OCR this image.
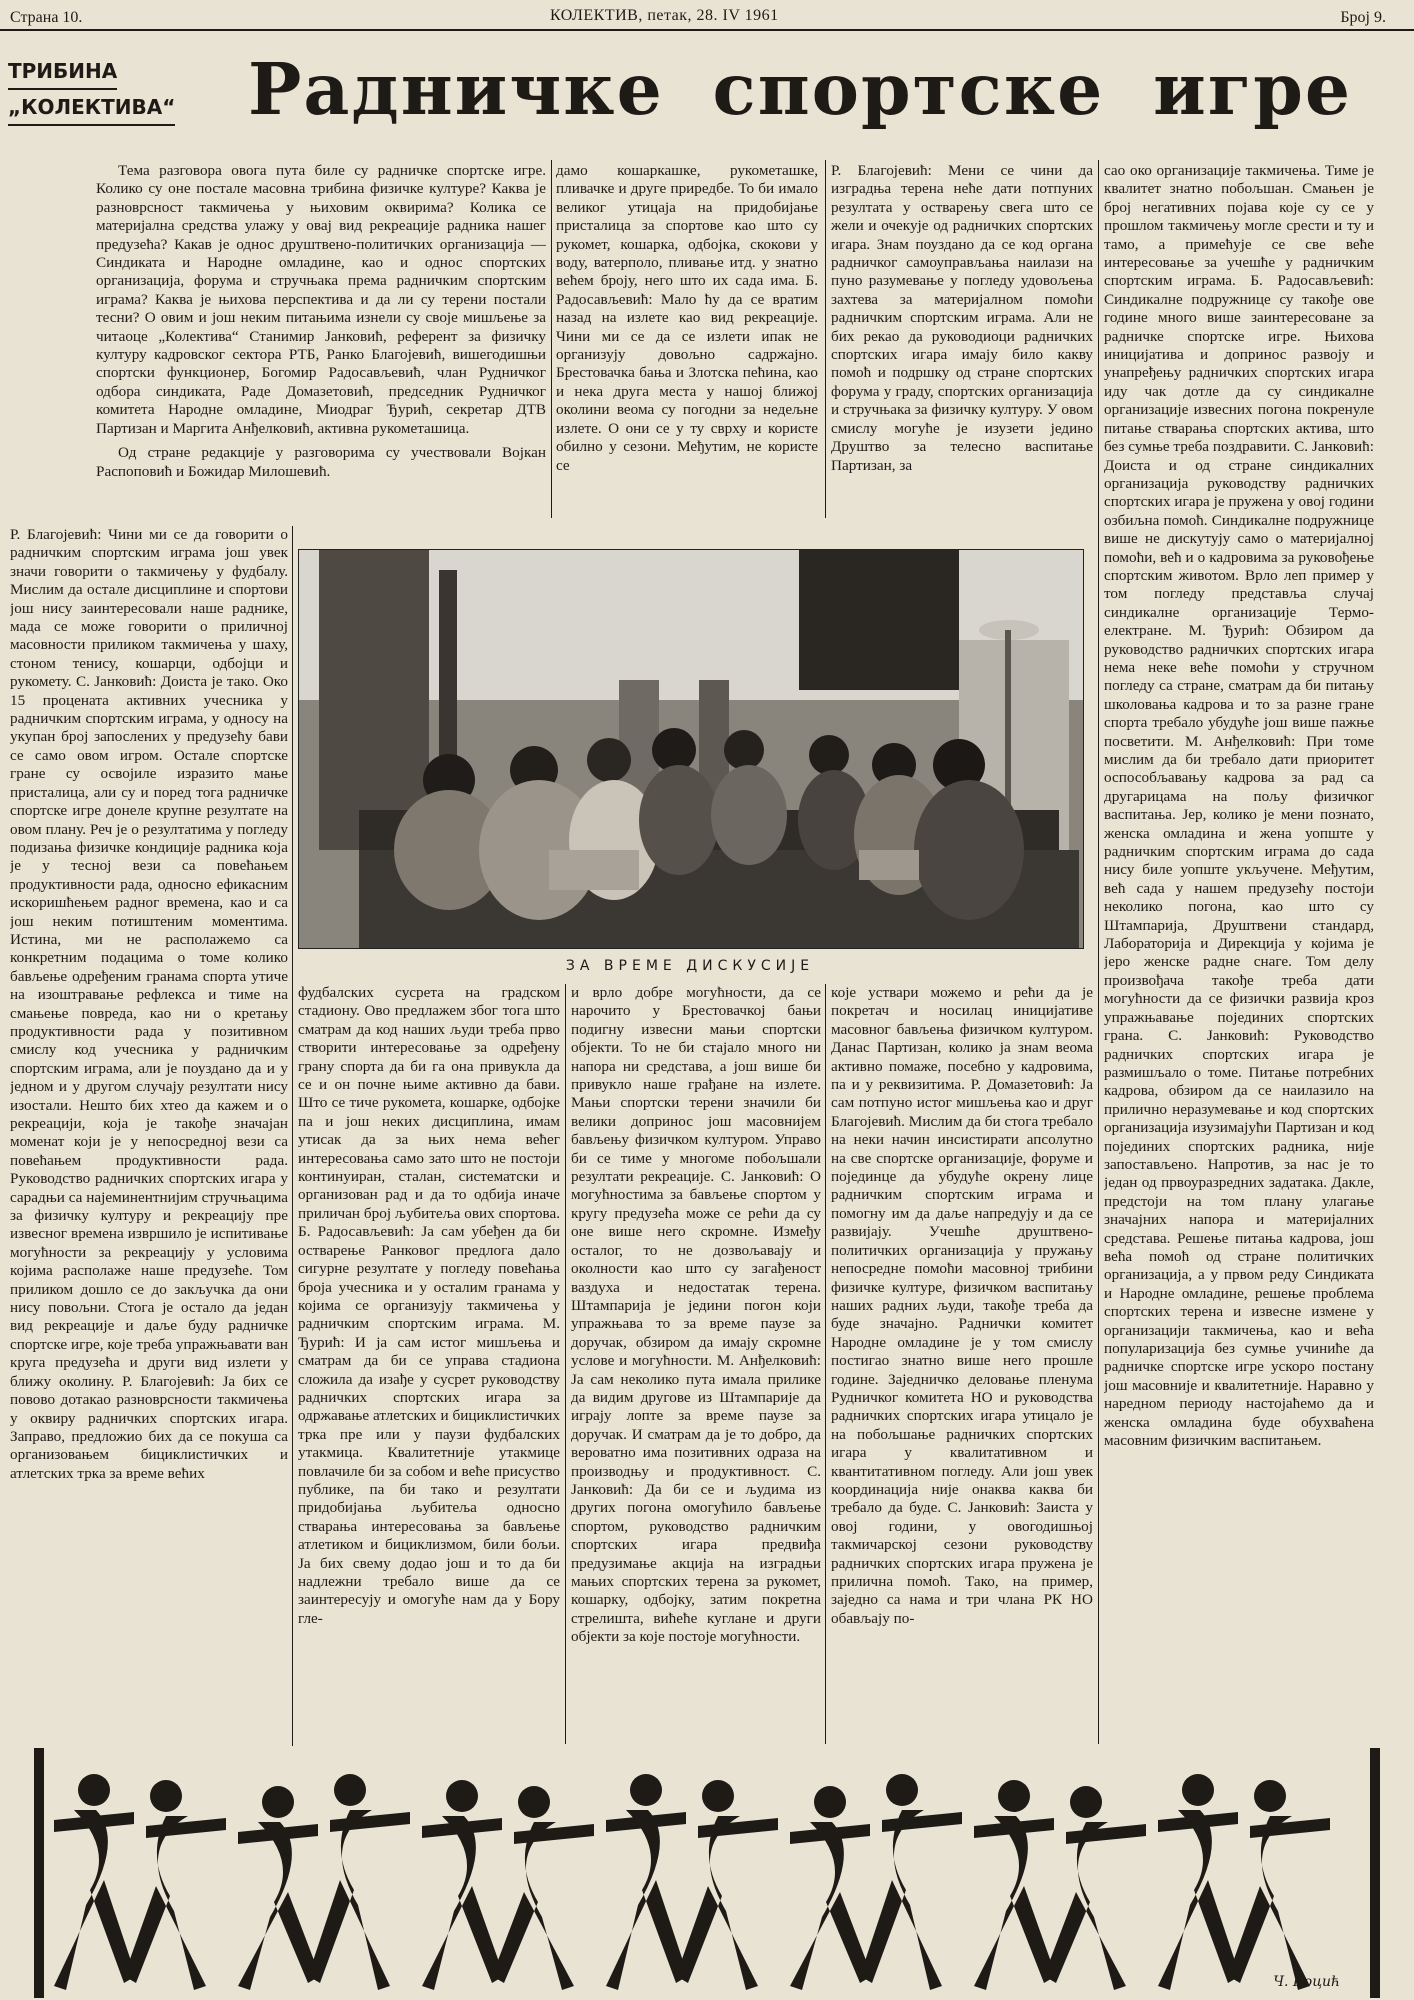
Страна 10.	КОЛЕКТИВ, петак, 28. IV 1961	Број 9.
ТРИБИНА
„КОЛЕКТИВА“ Радничке спортске игре

Тема разговора овога пута биле су радничке спортске игре. Колико су оне постале масовна трибина физичке културе? Каква је разноврсност такмичења у њиховим оквирима? Колика се материјална средства улажу у овај вид рекреације радника нашег предузећа? Какав је однос друштвено-политичких организација — Синдиката и Народне омладине, као и однос спортских организација, форума и стручњака према радничким спортским играма? Каква је њихова перспектива и да ли су терени постали тесни? О овим и још неким питањима изнели су своје мишљење за читаоце „Колектива“ Станимир Јанковић, референт за физичку културу кадровског сектора РТБ, Ранко Благојевић, вишегодишњи спортски функционер, Богомир Радосављевић, члан Рудничког одбора синдиката, Раде Домазетовић, председник Рудничког комитета Народне омладине, Миодраг Ђурић, секретар ДТВ Партизан и Маргита Анђелковић, активна рукометашица.

Од стране редакције у разговорима су учествовали Војкан Распоповић и Божидар Милошевић.

дамо кошаркашке, рукометашке, пливачке и друге приредбе. То би имало великог утицаја на придобијање присталица за спортове као што су рукомет, кошарка, одбојка, скокови у воду, ватерполо, пливање итд. у знатно већем броју, него што их сада има. Б. Радосављевић: Мало ћу да се вратим назад на излете као вид рекреације. Чини ми се да се излети ипак не организују довољно садржајно. Брестовачка бања и Злотска пећина, као и нека друга места у нашој ближој околини веома су погодни за недељне излете. О они се у ту сврху и користе обилно у сезони. Међутим, не користе се

Р. Благојевић: Мени се чини да изградња терена неће дати потпуних резултата у остварењу свега што се жели и очекује од радничких спортских игара. Знам поуздано да се код органа радничког самоуправљања наилази на пуно разумевање у погледу удовољења захтева за материјалном помоћи радничким спортским играма. Али не бих рекао да руководиоци радничких спортских игара имају било какву помоћ и подршку од стране спортских форума у граду, спортских организација и стручњака за физичку културу. У овом смислу могуће је изузети једино Друштво за телесно васпитање Партизан, за

сао око организације такмичења. Тиме је квалитет знатно побољшан. Смањен је број негативних појава које су се у прошлом такмичењу могле срести и ту и тамо, а примећује се све веће интересовање за учешће у радничким спортским играма. Б. Радосављевић: Синдикалне подружнице су такође ове године много више заинтересоване за радничке спортске игре. Њихова иницијатива и допринос развоју и унапређењу радничких спортских игара иду чак дотле да су синдикалне организације извесних погона покренуле питање стварања спортских актива, што без сумње треба поздравити. С. Јанковић: Доиста и од стране синдикалних организација руководству радничких спортских игара је пружена у овој години озбиљна помоћ. Синдикалне подружнице више не дискутују само о материјалној помоћи, већ и о кадровима за руковођење спортским животом. Врло леп пример у том погледу представља случај синдикалне организације Термо-електране. М. Ђурић: Обзиром да руководство радничких спортских игара нема неке веће помоћи у стручном погледу са стране, сматрам да би питању школовања кадрова и то за разне гране спорта требало убудуће још више пажње посветити. М. Анђелковић: При томе мислим да би требало дати приоритет оспособљавању кадрова за рад са другарицама на пољу физичког васпитања. Јер, колико је мени познато, женска омладина и жена уопште у радничким спортским играма до сада нису биле уопште укључене. Међутим, већ сада у нашем предузећу постоји неколико погона, као што су Штампарија, Друштвени стандард, Лабораторија и Дирекција у којима је јеро женске радне снаге. Том делу произвођача такође треба дати могућности да се физички развија кроз упражњавање појединих спортских грана. С. Јанковић: Руководство радничких спортских игара је размишљало о томе. Питање потребних кадрова, обзиром да се наилазило на прилично неразумевање и код спортских организација изузимајући Партизан и код појединих спортских радника, није запостављено. Напротив, за нас је то један од првоуразредних задатака. Дакле, предстоји на том плану улагање значајних напора и материјалних средстава. Решење питања кадрова, још већа помоћ од стране политичких организација, а у првом реду Синдиката и Народне омладине, решење проблема спортских терена и извесне измене у организацији такмичења, као и већа популаризација без сумње учиниће да радничке спортске игре ускоро постану још масовније и квалитетније. Наравно у наредном периоду настојаћемо да и женска омладина буде обухваћена масовним физичким васпитањем.

Р. Благојевић: Чини ми се да говорити о радничким спортским играма још увек значи говорити о такмичењу у фудбалу. Мислим да остале дисциплине и спортови још нису заинтересовали наше раднике, мада се може говорити о приличној масовности приликом такмичења у шаху, стоном тенису, кошарци, одбојци и рукомету. С. Јанковић: Доиста је тако. Око 15 процената активних учесника у радничким спортским играма, у односу на укупан број запослених у предузећу бави се само овом игром. Остале спортске гране су освојиле изразито мање присталица, али су и поред тога радничке спортске игре донеле крупне резултате на овом плану. Реч је о резултатима у погледу подизања физичке кондиције радника која је у тесној вези са повећањем продуктивности рада, односно ефикасним искоришћењем радног времена, као и са још неким потиштеним моментима. Истина, ми не располажемо са конкретним подацима о томе колико бављење одређеним гранама спорта утиче на изоштравање рефлекса и тиме на смањење повреда, као ни о кретању продуктивности рада у позитивном смислу код учесника у радничким спортским играма, али је поуздано да и у једном и у другом случају резултати нису изостали. Нешто бих хтео да кажем и о рекреацији, која је такође значајан моменат који је у непосредној вези са повећањем продуктивности рада. Руководство радничких спортских игара у сарадњи са најеминентнијим стручњацима за физичку културу и рекреацију пре извесног времена извршило је испитивање могућности за рекреацију у условима којима располаже наше предузеће. Том приликом дошло се до закључка да они нису повољни. Стога је остало да један вид рекреације и даље буду радничке спортске игре, које треба упражњавати ван круга предузећа и други вид излети у ближу околину. Р. Благојевић: Ја бих се повово дотакао разноврсности такмичења у оквиру радничких спортских игара. Заправо, предложио бих да се покуша са организовањем бициклистичких и атлетских трка за време већих

ЗА ВРЕМЕ ДИСКУСИЈЕ

фудбалских сусрета на градском стадиону. Ово предлажем због тога што сматрам да код наших људи треба прво створити интересовање за одређену грану спорта да би га она привукла да се и он почне њиме активно да бави. Што се тиче рукомета, кошарке, одбојке па и још неких дисциплина, имам утисак да за њих нема већег интересовања само зато што не постоји континуиран, сталан, систематски и организован рад и да то одбија иначе приличан број љубитеља ових спортова. Б. Радосављевић: Ја сам убеђен да би остварење Ранковог предлога дало сигурне резултате у погледу повећања броја учесника и у осталим гранама у којима се организују такмичења у радничким спортским играма. М. Ђурић: И ја сам истог мишљења и сматрам да би се управа стадиона сложила да изађе у сусрет руководству радничких спортских игара за одржавање атлетских и бициклистичких трка пре или у паузи фудбалских утакмица. Квалитетније утакмице повлачиле би за собом и веће присуство публике, па би тако и резултати придобијања љубитеља односно стварања интересовања за бављење атлетиком и бициклизмом, били бољи. Ја бих свему додао још и то да би надлежни требало више да се заинтересују и омогуће нам да у Бору гле-

и врло добре могућности, да се нарочито у Брестовачкој бањи подигну извесни мањи спортски објекти. То не би стајало много ни напора ни средстава, а још више би привукло наше грађане на излете. Мањи спортски терени значили би велики допринос још масовнијем бављењу физичком културом. Управо би се тиме у многоме побољшали резултати рекреације. С. Јанковић: О могућностима за бављење спортом у кругу предузећа може се рећи да су оне више него скромне. Између осталог, то не дозвољавају и околности као што су загађеност ваздуха и недостатак терена. Штампарија је једини погон који упражњава то за време паузе за доручак, обзиром да имају скромне услове и могућности. М. Анђелковић: Ја сам неколико пута имала прилике да видим другове из Штампарије да играју лопте за време паузе за доручак. И сматрам да је то добро, да вероватно има позитивних одраза на производњу и продуктивност. С. Јанковић: Да би се и људима из других погона омогућило бављење спортом, руководство радничким спортских игара предвиђа предузимање акција на изградњи мањих спортских терена за рукомет, кошарку, одбојку, затим покретна стрелишта, вићеће куглане и други објекти за које постоје могућности.

које уствари можемо и рећи да је покретач и носилац иницијативе масовног бављења физичком културом. Данас Партизан, колико ја знам веома активно помаже, посебно у кадровима, па и у реквизитима. Р. Домазетовић: Ја сам потпуно истог мишљења као и друг Благојевић. Мислим да би стога требало на неки начин инсистирати апсолутно на све спортске организације, форуме и појединце да убудуће окрену лице радничким спортским играма и помогну им да даље напредују и да се развијају. Учешће друштвено-политичких организација у пружању непосредне помоћи масовној трибини физичке културе, физичком васпитању наших радних људи, такође треба да буде значајно. Раднички комитет Народне омладине је у том смислу постигао знатно више него прошле године. Заједничко деловање пленума Рудничког комитета НО и руководства радничких спортских игара утицало је на побољшање радничких спортских игара у квалитативном и квантитативном погледу. Али још увек координација није онаква каква би требало да буде. С. Јанковић: Заиста у овој години, у овогодишњој такмичарској сезони руководству радничких спортских игара пружена је прилична помоћ. Тако, на пример, заједно са нама и три члана РК НО обављају по-

Ч. Коцић
